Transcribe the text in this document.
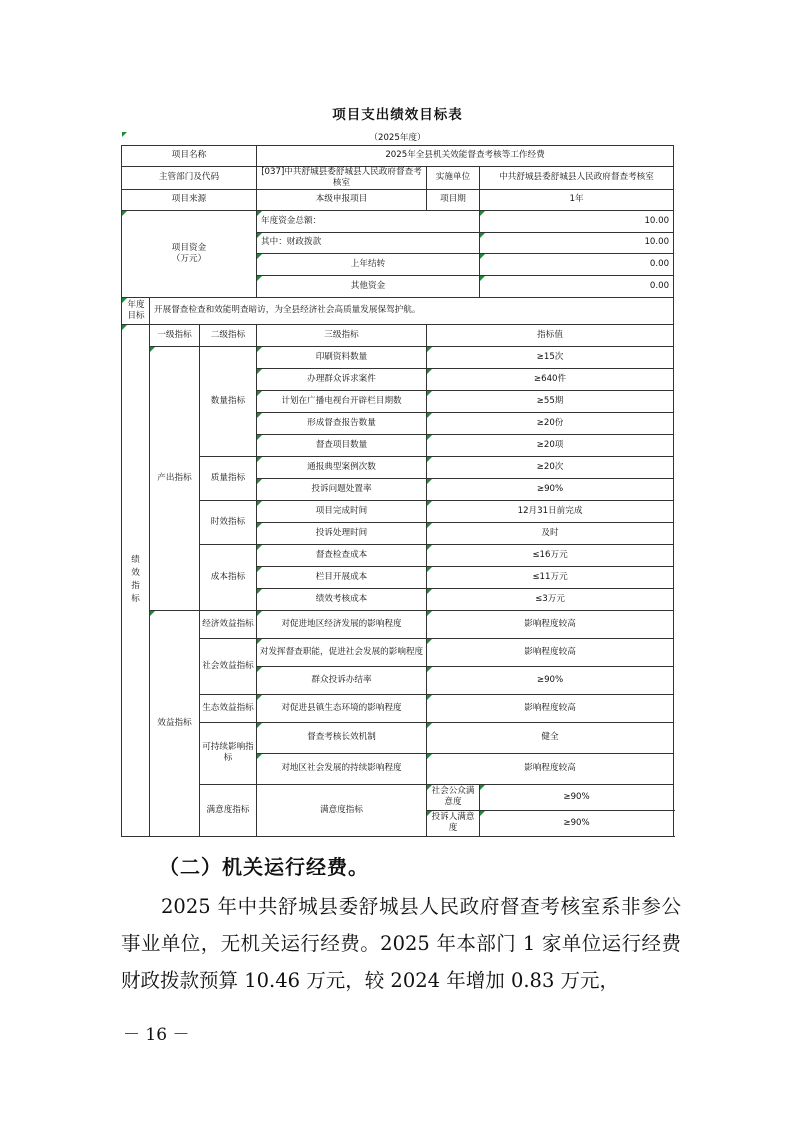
项目支出绩效目标表					
（2025年度）					
项目名称			2025年全县机关效能督查考核等工作经费		
主管部门及代码			[037]中共舒城县委舒城县人民政府督查考核室	实施单位	中共舒城县委舒城县人民政府督查考核室
项目来源			本级申报项目	项目期	1年
项目资金
（万元）			年度资金总额：		10.00
			其中：财政拨款		10.00
			上年结转		0.00
			其他资金		0.00
年度目标	开展督查检查和效能明查暗访，为全县经济社会高质量发展保驾护航。				
绩效指标	一级指标	二级指标	三级指标	指标值	
	产出指标	数量指标	印刷资料数量	≥15次	
			办理群众诉求案件	≥640件	
			计划在广播电视台开辟栏目期数	≥55期	
			形成督查报告数量	≥20份	
			督查项目数量	≥20项	
		质量指标	通报典型案例次数	≥20次	
			投诉问题处置率	≥90%	
		时效指标	项目完成时间	12月31日前完成	
			投诉处理时间	及时	
		成本指标	督查检查成本	≤16万元	
			栏目开展成本	≤11万元	
			绩效考核成本	≤3万元	
	效益指标	经济效益指标	对促进地区经济发展的影响程度	影响程度较高	
		社会效益指标	对发挥督查职能，促进社会发展的影响程度	影响程度较高	
			群众投诉办结率	≥90%	
		生态效益指标	对促进县镇生态环境的影响程度	影响程度较高	
		可持续影响指标	督查考核长效机制	健全	
			对地区社会发展的持续影响程度	影响程度较高	
		满意度指标	满意度指标	社会公众满意度	≥90%
				投诉人满意度	≥90%
（二）机关运行经费。
2025 年中共舒城县委舒城县人民政府督查考核室系非参公事业单位，无机关运行经费。2025 年本部门 1 家单位运行经费财政拨款预算 10.46 万元，较 2024 年增加 0.83 万元，
－ 16 －
